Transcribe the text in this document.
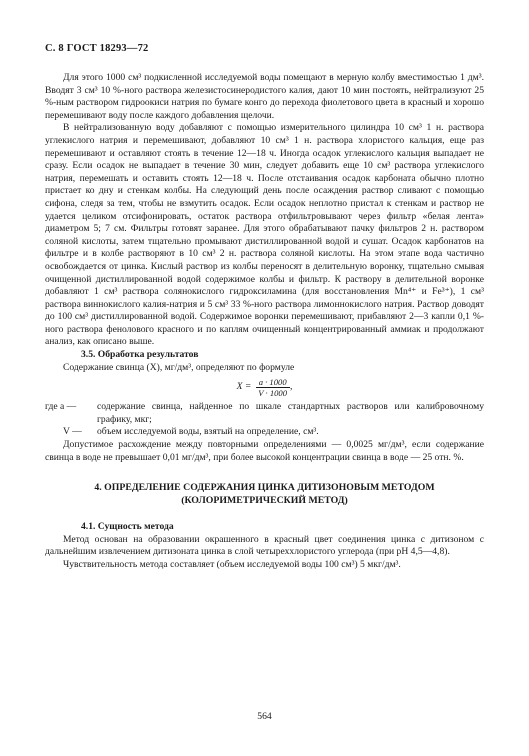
С. 8 ГОСТ 18293—72

Для этого 1000 см³ подкисленной исследуемой воды помещают в мерную колбу вместимостью 1 дм³. Вводят 3 см³ 10 %-ного раствора железистосинеродистого калия, дают 10 мин постоять, нейтрализуют 25 %-ным раствором гидроокиси натрия по бумаге конго до перехода фиолетового цвета в красный и хорошо перемешивают воду после каждого добавления щелочи.

В нейтрализованную воду добавляют с помощью измерительного цилиндра 10 см³ 1 н. раствора углекислого натрия и перемешивают, добавляют 10 см³ 1 н. раствора хлористого кальция, еще раз перемешивают и оставляют стоять в течение 12—18 ч. Иногда осадок углекислого кальция выпадает не сразу. Если осадок не выпадает в течение 30 мин, следует добавить еще 10 см³ раствора углекислого натрия, перемешать и оставить стоять 12—18 ч. После отстаивания осадок карбоната обычно плотно пристает ко дну и стенкам колбы. На следующий день после осаждения раствор сливают с помощью сифона, следя за тем, чтобы не взмутить осадок. Если осадок неплотно пристал к стенкам и раствор не удается целиком отсифонировать, остаток раствора отфильтровывают через фильтр «белая лента» диаметром 5; 7 см. Фильтры готовят заранее. Для этого обрабатывают пачку фильтров 2 н. раствором соляной кислоты, затем тщательно промывают дистиллированной водой и сушат. Осадок карбонатов на фильтре и в колбе растворяют в 10 см³ 2 н. раствора соляной кислоты. На этом этапе вода частично освобождается от цинка. Кислый раствор из колбы переносят в делительную воронку, тщательно смывая очищенной дистиллированной водой содержимое колбы и фильтр. К раствору в делительной воронке добавляют 1 см³ раствора солянокислого гидроксиламина (для восстановления Mn⁴⁺ и Fe³⁺), 1 см³ раствора виннокислого калия-натрия и 5 см³ 33 %-ного раствора лимоннокислого натрия. Раствор доводят до 100 см³ дистиллированной водой. Содержимое воронки перемешивают, прибавляют 2—3 капли 0,1 %-ного раствора фенолового красного и по каплям очищенный концентрированный аммиак и продолжают анализ, как описано выше.

3.5. Обработка результатов

Содержание свинца (X), мг/дм³, определяют по формуле

$X = \frac{a \cdot 1000}{V \cdot 1000}$ ,
где a —	содержание свинца, найденное по шкале стандартных растворов или калибровочному графику, мкг;
V —	объем исследуемой воды, взятый на определение, см³.

Допустимое расхождение между повторными определениями — 0,0025 мг/дм³, если содержание свинца в воде не превышает 0,01 мг/дм³, при более высокой концентрации свинца в воде — 25 отн. %.

4. ОПРЕДЕЛЕНИЕ СОДЕРЖАНИЯ ЦИНКА ДИТИЗОНОВЫМ МЕТОДОМ
(КОЛОРИМЕТРИЧЕСКИЙ МЕТОД)

4.1. Сущность метода

Метод основан на образовании окрашенного в красный цвет соединения цинка с дитизоном с дальнейшим извлечением дитизоната цинка в слой четыреххлористого углерода (при pH 4,5—4,8).

Чувствительность метода составляет (объем исследуемой воды 100 см³) 5 мкг/дм³.

564
